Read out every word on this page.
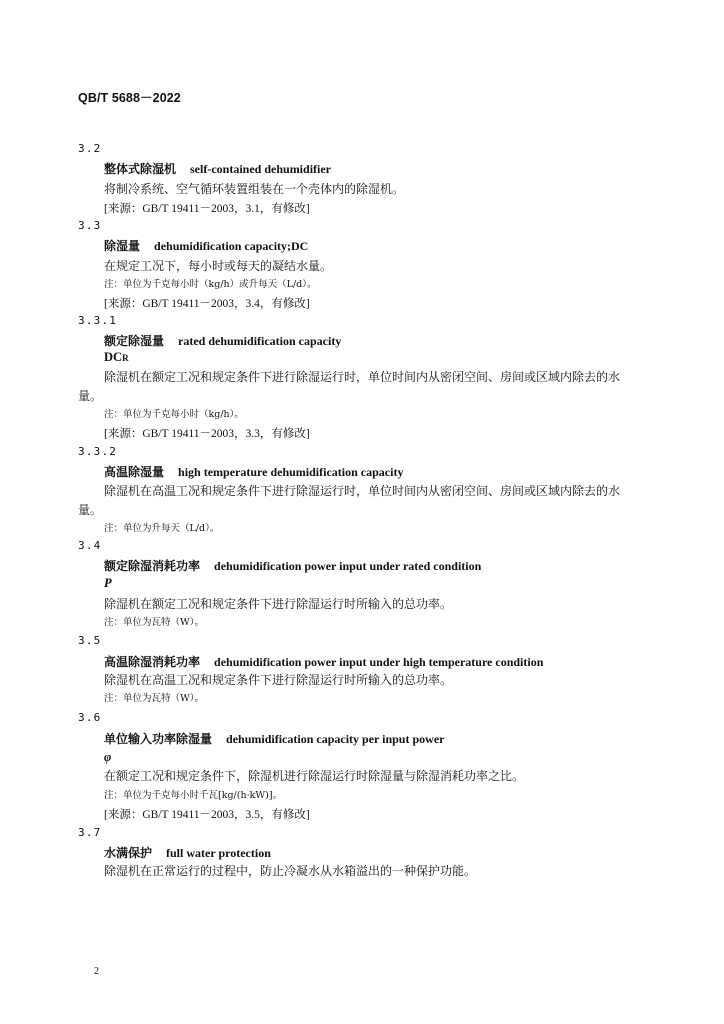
QB/T 5688－2022
3.2
整体式除湿机 self-contained dehumidifier
将制冷系统、空气循环装置组装在一个壳体内的除湿机。
[来源：GB/T 19411－2003，3.1，有修改]
3.3
除湿量 dehumidification capacity;DC
在规定工况下，每小时或每天的凝结水量。
注：单位为千克每小时（kg/h）或升每天（L/d）。
[来源：GB/T 19411－2003，3.4，有修改]
3.3.1
额定除湿量 rated dehumidification capacity
DCR
除湿机在额定工况和规定条件下进行除湿运行时，单位时间内从密闭空间、房间或区域内除去的水
量。
注：单位为千克每小时（kg/h）。
[来源：GB/T 19411－2003，3.3，有修改]
3.3.2
高温除湿量 high temperature dehumidification capacity
除湿机在高温工况和规定条件下进行除湿运行时，单位时间内从密闭空间、房间或区域内除去的水
量。
注：单位为升每天（L/d）。
3.4
额定除湿消耗功率 dehumidification power input under rated condition
P
除湿机在额定工况和规定条件下进行除湿运行时所输入的总功率。
注：单位为瓦特（W）。
3.5
高温除湿消耗功率 dehumidification power input under high temperature condition
除湿机在高温工况和规定条件下进行除湿运行时所输入的总功率。
注：单位为瓦特（W）。
3.6
单位输入功率除湿量 dehumidification capacity per input power
φ
在额定工况和规定条件下，除湿机进行除湿运行时除湿量与除湿消耗功率之比。
注：单位为千克每小时千瓦[kg/(h·kW)]。
[来源：GB/T 19411－2003，3.5，有修改]
3.7
水满保护 full water protection
除湿机在正常运行的过程中，防止冷凝水从水箱溢出的一种保护功能。
2
